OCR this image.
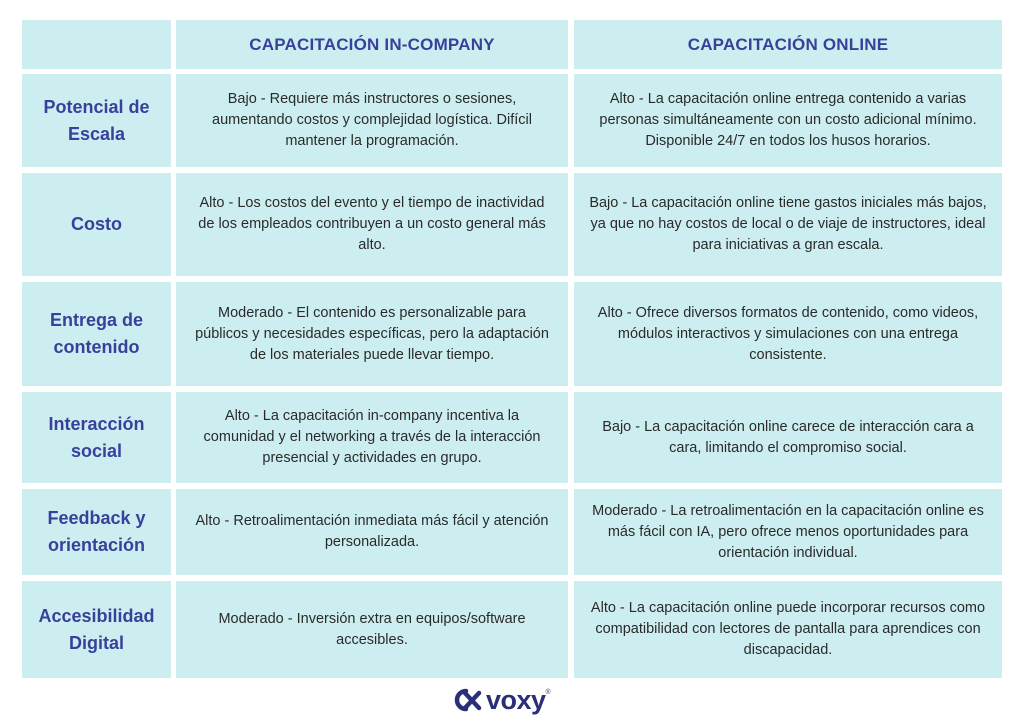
CAPACITACIÓN IN-COMPANY	CAPACITACIÓN ONLINE
Potencial de Escala
Bajo - Requiere más instructores o sesiones, aumentando costos y complejidad logística. Difícil mantener la programación.
Alto - La capacitación online entrega contenido a varias personas simultáneamente con un costo adicional mínimo. Disponible 24/7 en todos los husos horarios.
Costo
Alto - Los costos del evento y el tiempo de inactividad de los empleados contribuyen a un costo general más alto.
Bajo - La capacitación online tiene gastos iniciales más bajos, ya que no hay costos de local o de viaje de instructores, ideal para iniciativas a gran escala.
Entrega de contenido
Moderado - El contenido es personalizable para públicos y necesidades específicas, pero la adaptación de los materiales puede llevar tiempo.
Alto - Ofrece diversos formatos de contenido, como videos, módulos interactivos y simulaciones con una entrega consistente.
Interacción social
Alto - La capacitación in-company incentiva la comunidad y el networking a través de la interacción presencial y actividades en grupo.
Bajo - La capacitación online carece de interacción cara a cara, limitando el compromiso social.
Feedback y orientación
Alto - Retroalimentación inmediata más fácil y atención personalizada.
Moderado - La retroalimentación en la capacitación online es más fácil con IA, pero ofrece menos oportunidades para orientación individual.
Accesibilidad Digital
Moderado - Inversión extra en equipos/software accesibles.
Alto - La capacitación online puede incorporar recursos como compatibilidad con lectores de pantalla para aprendices con discapacidad.
voxy ®
